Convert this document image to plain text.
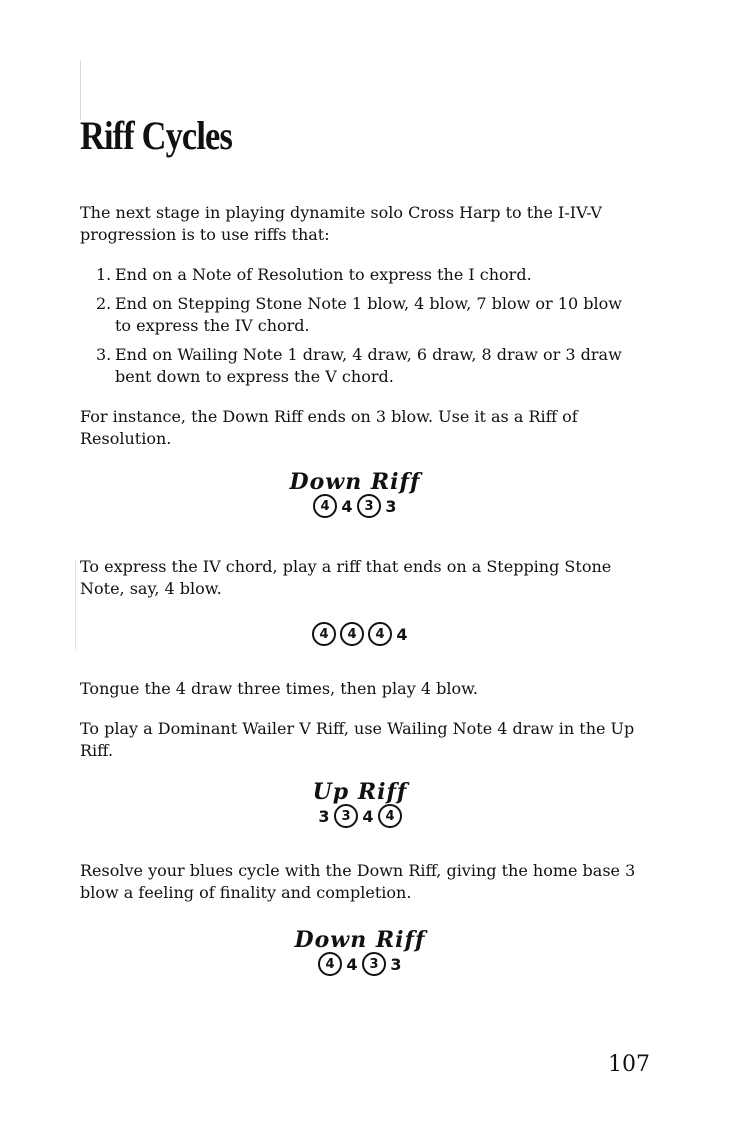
Riff Cycles

The next stage in playing dynamite solo Cross Harp to the I-IV-V progression is to use riffs that:

1. End on a Note of Resolution to express the I chord.
2. End on Stepping Stone Note 1 blow, 4 blow, 7 blow or 10 blow to express the IV chord.
3. End on Wailing Note 1 draw, 4 draw, 6 draw, 8 draw or 3 draw bent down to express the V chord.

For instance, the Down Riff ends on 3 blow. Use it as a Riff of Resolution.

Down Riff
4 4 3 3

To express the IV chord, play a riff that ends on a Stepping Stone Note, say, 4 blow.

4	4	4 4

Tongue the 4 draw three times, then play 4 blow.

To play a Dominant Wailer V Riff, use Wailing Note 4 draw in the Up Riff.

Up Riff
3 3 4 4

Resolve your blues cycle with the Down Riff, giving the home base 3 blow a feeling of finality and completion.

Down Riff
4 4 3 3
107
